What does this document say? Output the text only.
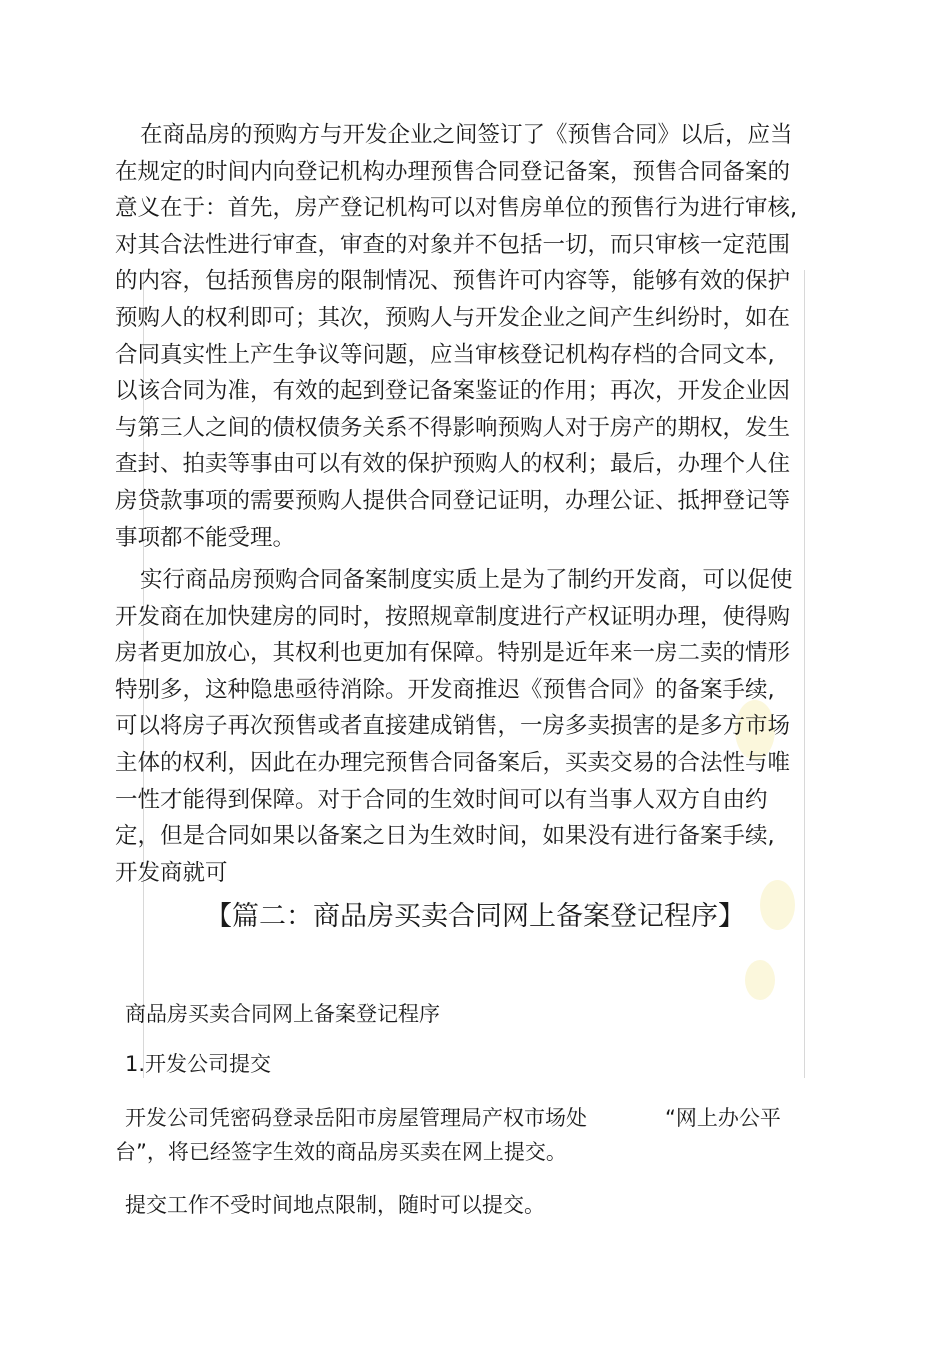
在商品房的预购方与开发企业之间签订了《预售合同》以后，应当
在规定的时间内向登记机构办理预售合同登记备案，预售合同备案的
意义在于：首先，房产登记机构可以对售房单位的预售行为进行审核,
对其合法性进行审查，审查的对象并不包括一切，而只审核一定范围
的内容，包括预售房的限制情况、预售许可内容等，能够有效的保护
预购人的权利即可；其次，预购人与开发企业之间产生纠纷时，如在
合同真实性上产生争议等问题，应当审核登记机构存档的合同文本,
以该合同为准，有效的起到登记备案鉴证的作用；再次，开发企业因
与第三人之间的债权债务关系不得影响预购人对于房产的期权，发生
查封、拍卖等事由可以有效的保护预购人的权利；最后，办理个人住
房贷款事项的需要预购人提供合同登记证明，办理公证、抵押登记等
事项都不能受理。
实行商品房预购合同备案制度实质上是为了制约开发商，可以促使
开发商在加快建房的同时，按照规章制度进行产权证明办理，使得购
房者更加放心，其权利也更加有保障。特别是近年来一房二卖的情形
特别多，这种隐患亟待消除。开发商推迟《预售合同》的备案手续,
可以将房子再次预售或者直接建成销售，一房多卖损害的是多方市场
主体的权利，因此在办理完预售合同备案后，买卖交易的合法性与唯
一性才能得到保障。对于合同的生效时间可以有当事人双方自由约
定，但是合同如果以备案之日为生效时间，如果没有进行备案手续,
开发商就可
【篇二：商品房买卖合同网上备案登记程序】
商品房买卖合同网上备案登记程序
1.开发公司提交
开发公司凭密码登录岳阳市房屋管理局产权市场处	“网上办公平
台”，将已经签字生效的商品房买卖在网上提交。
提交工作不受时间地点限制，随时可以提交。
